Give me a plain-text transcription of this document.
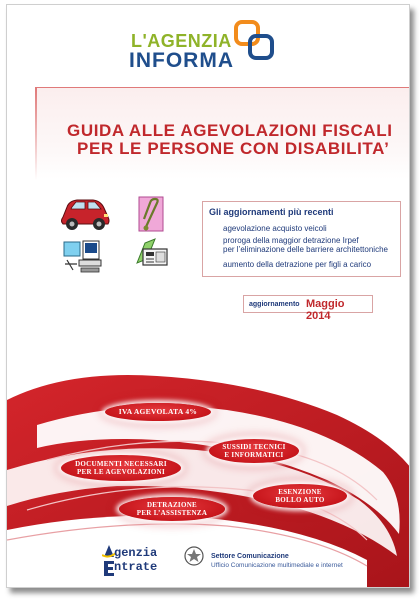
L'AGENZIA
INFORMA
GUIDA ALLE AGEVOLAZIONI FISCALI
PER LE PERSONE CON DISABILITA’
Gli aggiornamenti più recenti
agevolazione acquisto veicoli
proroga della maggior detrazione Irpef
per l’eliminazione delle barriere architettoniche
aumento della detrazione per figli a carico
aggiornamento Maggio 2014
IVA AGEVOLATA 4%
DOCUMENTI NECESSARI
PER LE AGEVOLAZIONI
SUSSIDI TECNICI
E INFORMATICI
ESENZIONE
BOLLO AUTO
DETRAZIONE
PER L’ASSISTENZA
genzia
ntrate
Settore Comunicazione
Ufficio Comunicazione multimediale e internet
